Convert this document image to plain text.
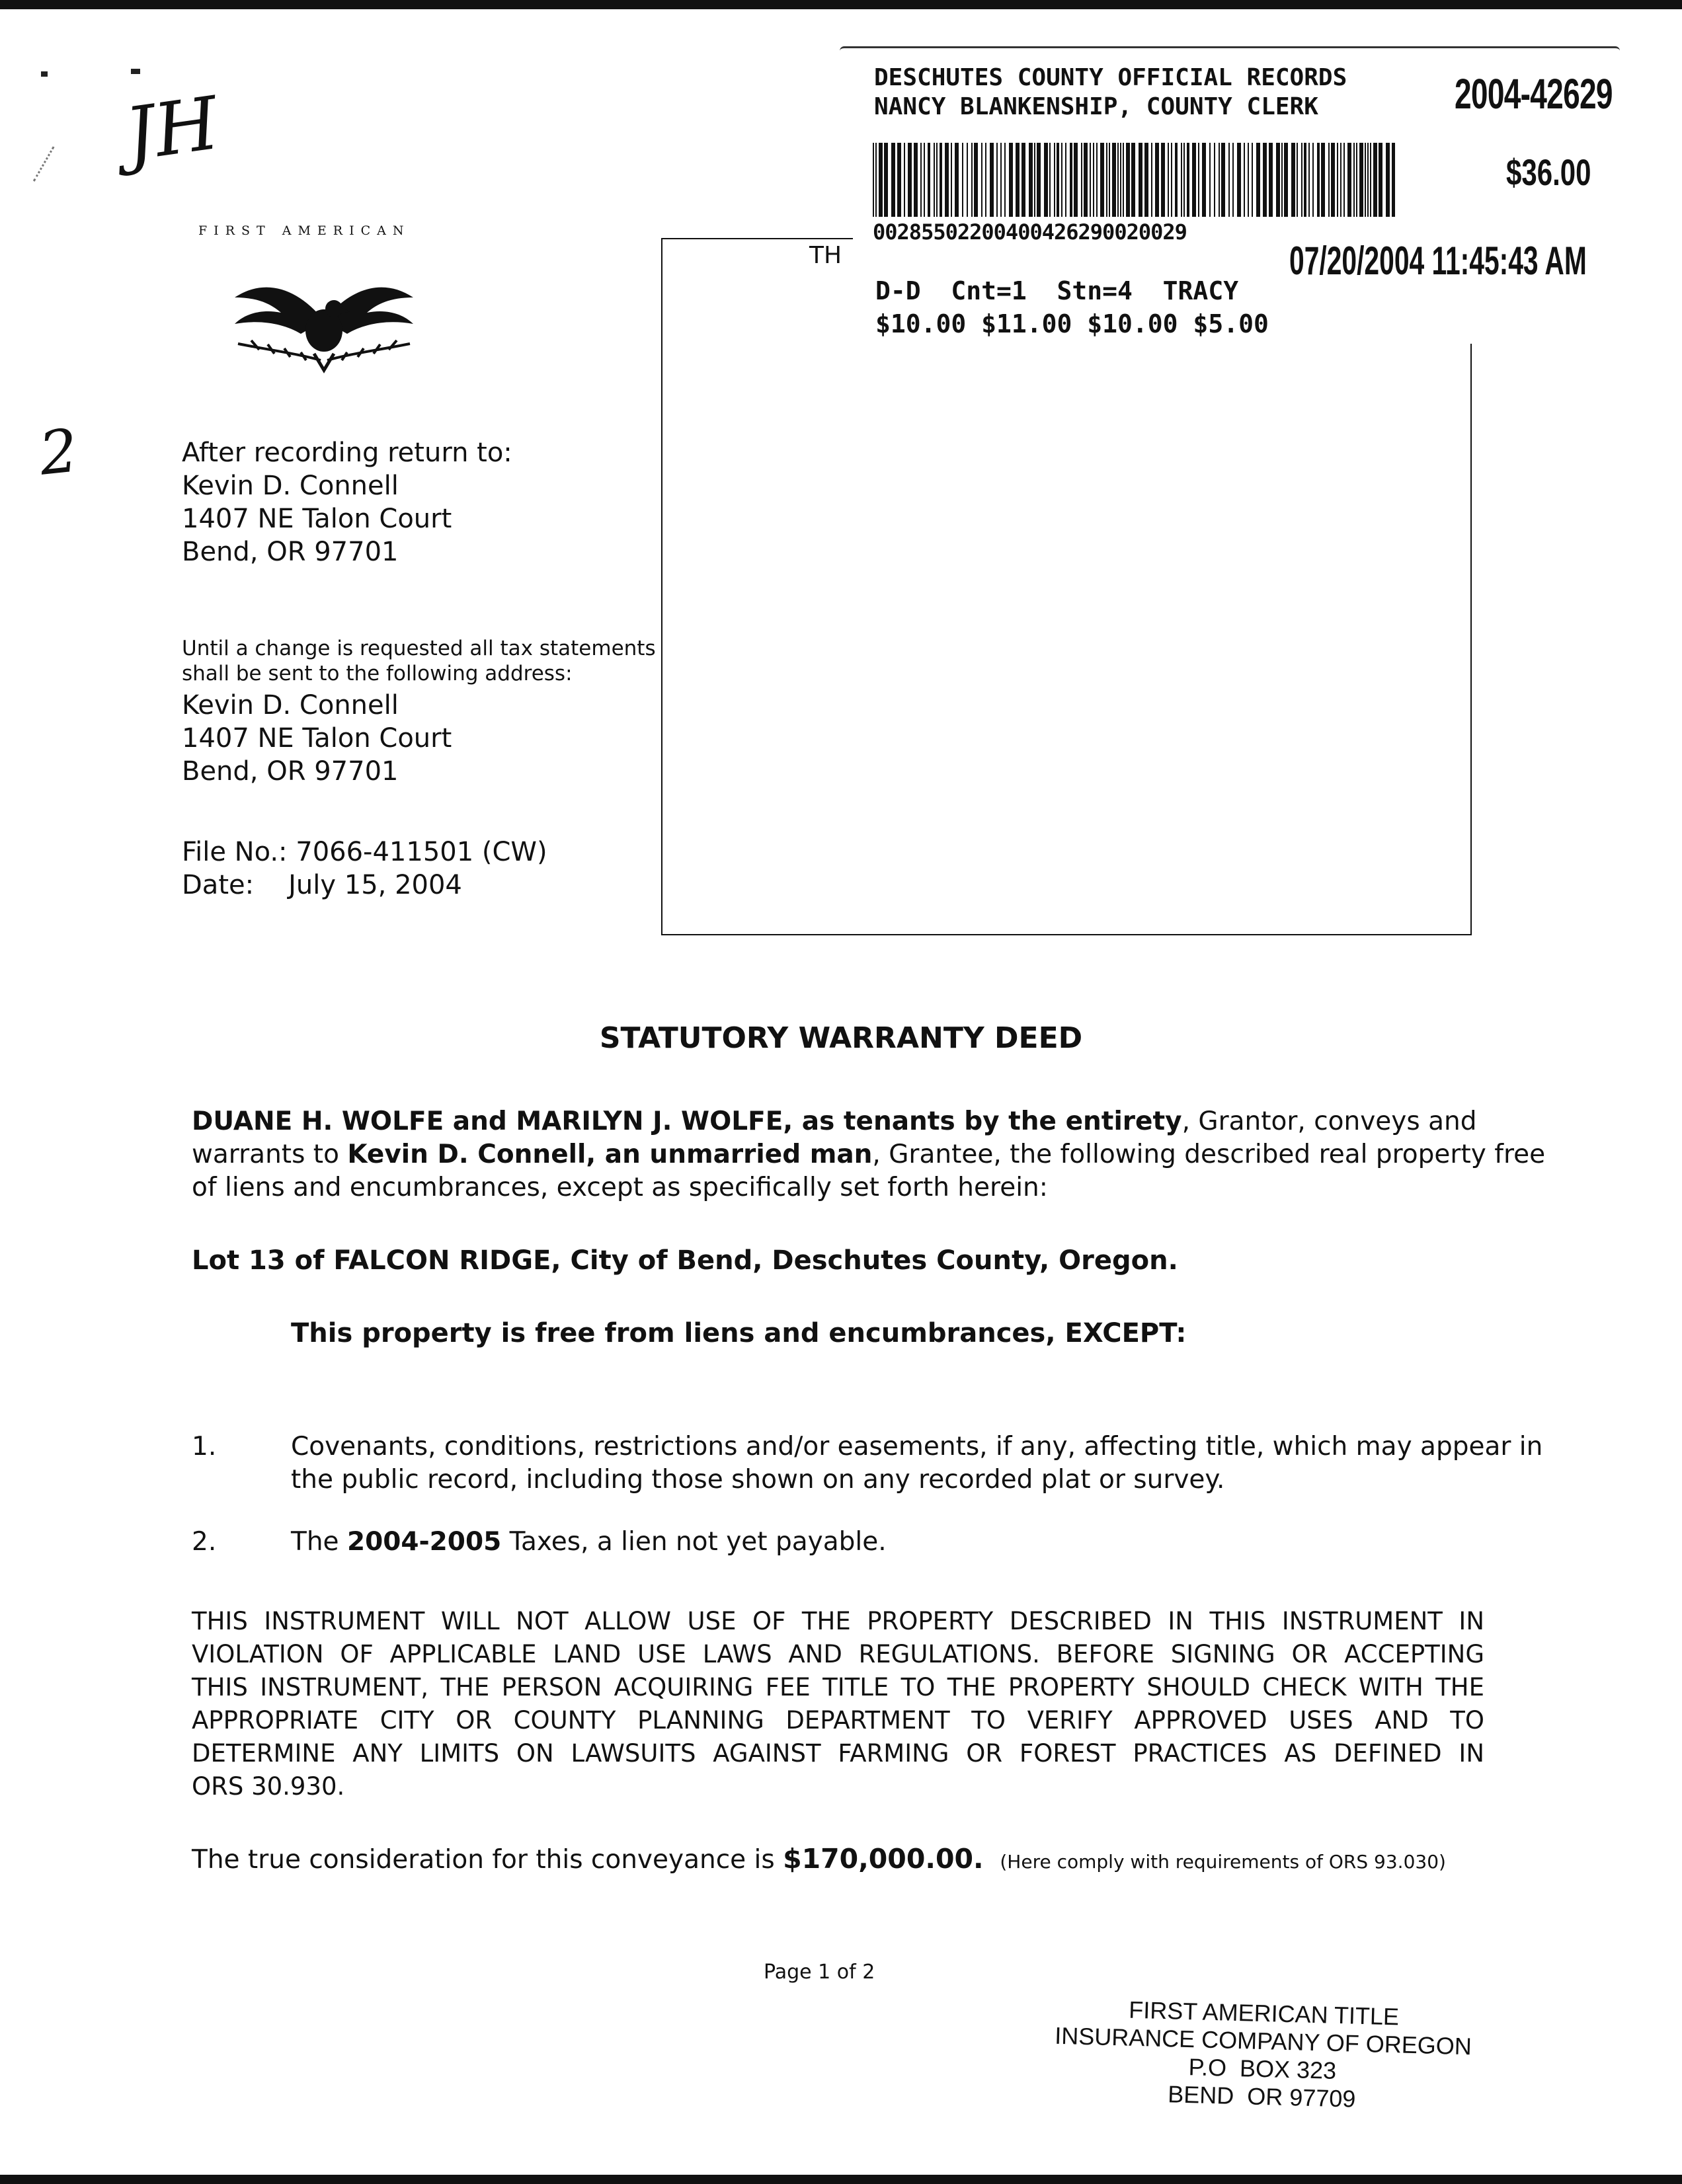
JH
2
FIRST AMERICAN
TH
DESCHUTES COUNTY OFFICIAL RECORDS
NANCY BLANKENSHIP, COUNTY CLERK	2004-42629
$36.00
00285502200400426290020029
07/20/2004 11:45:43 AM
D-D  Cnt=1  Stn=4  TRACY
$10.00 $11.00 $10.00 $5.00
After recording return to:
Kevin D. Connell
1407 NE Talon Court
Bend, OR 97701
Until a change is requested all tax statements
shall be sent to the following address:
Kevin D. Connell
1407 NE Talon Court
Bend, OR 97701
File No.: 7066-411501 (CW)
Date: July 15, 2004
STATUTORY WARRANTY DEED
DUANE H. WOLFE and MARILYN J. WOLFE, as tenants by the entirety, Grantor, conveys and
warrants to Kevin D. Connell, an unmarried man, Grantee, the following described real property free
of liens and encumbrances, except as specifically set forth herein:
Lot 13 of FALCON RIDGE, City of Bend, Deschutes County, Oregon.
This property is free from liens and encumbrances, EXCEPT:
1.	Covenants, conditions, restrictions and/or easements, if any, affecting title, which may appear in
the public record, including those shown on any recorded plat or survey.
2.	The 2004-2005 Taxes, a lien not yet payable.
THIS INSTRUMENT WILL NOT ALLOW USE OF THE PROPERTY DESCRIBED IN THIS INSTRUMENT IN
VIOLATION OF APPLICABLE LAND USE LAWS AND REGULATIONS. BEFORE SIGNING OR ACCEPTING
THIS INSTRUMENT, THE PERSON ACQUIRING FEE TITLE TO THE PROPERTY SHOULD CHECK WITH THE
APPROPRIATE CITY OR COUNTY PLANNING DEPARTMENT TO VERIFY APPROVED USES AND TO
DETERMINE ANY LIMITS ON LAWSUITS AGAINST FARMING OR FOREST PRACTICES AS DEFINED IN
ORS 30.930.
The true consideration for this conveyance is $170,000.00. (Here comply with requirements of ORS 93.030)
Page 1 of 2
FIRST AMERICAN TITLE
INSURANCE COMPANY OF OREGON
P.O  BOX 323
BEND  OR 97709
